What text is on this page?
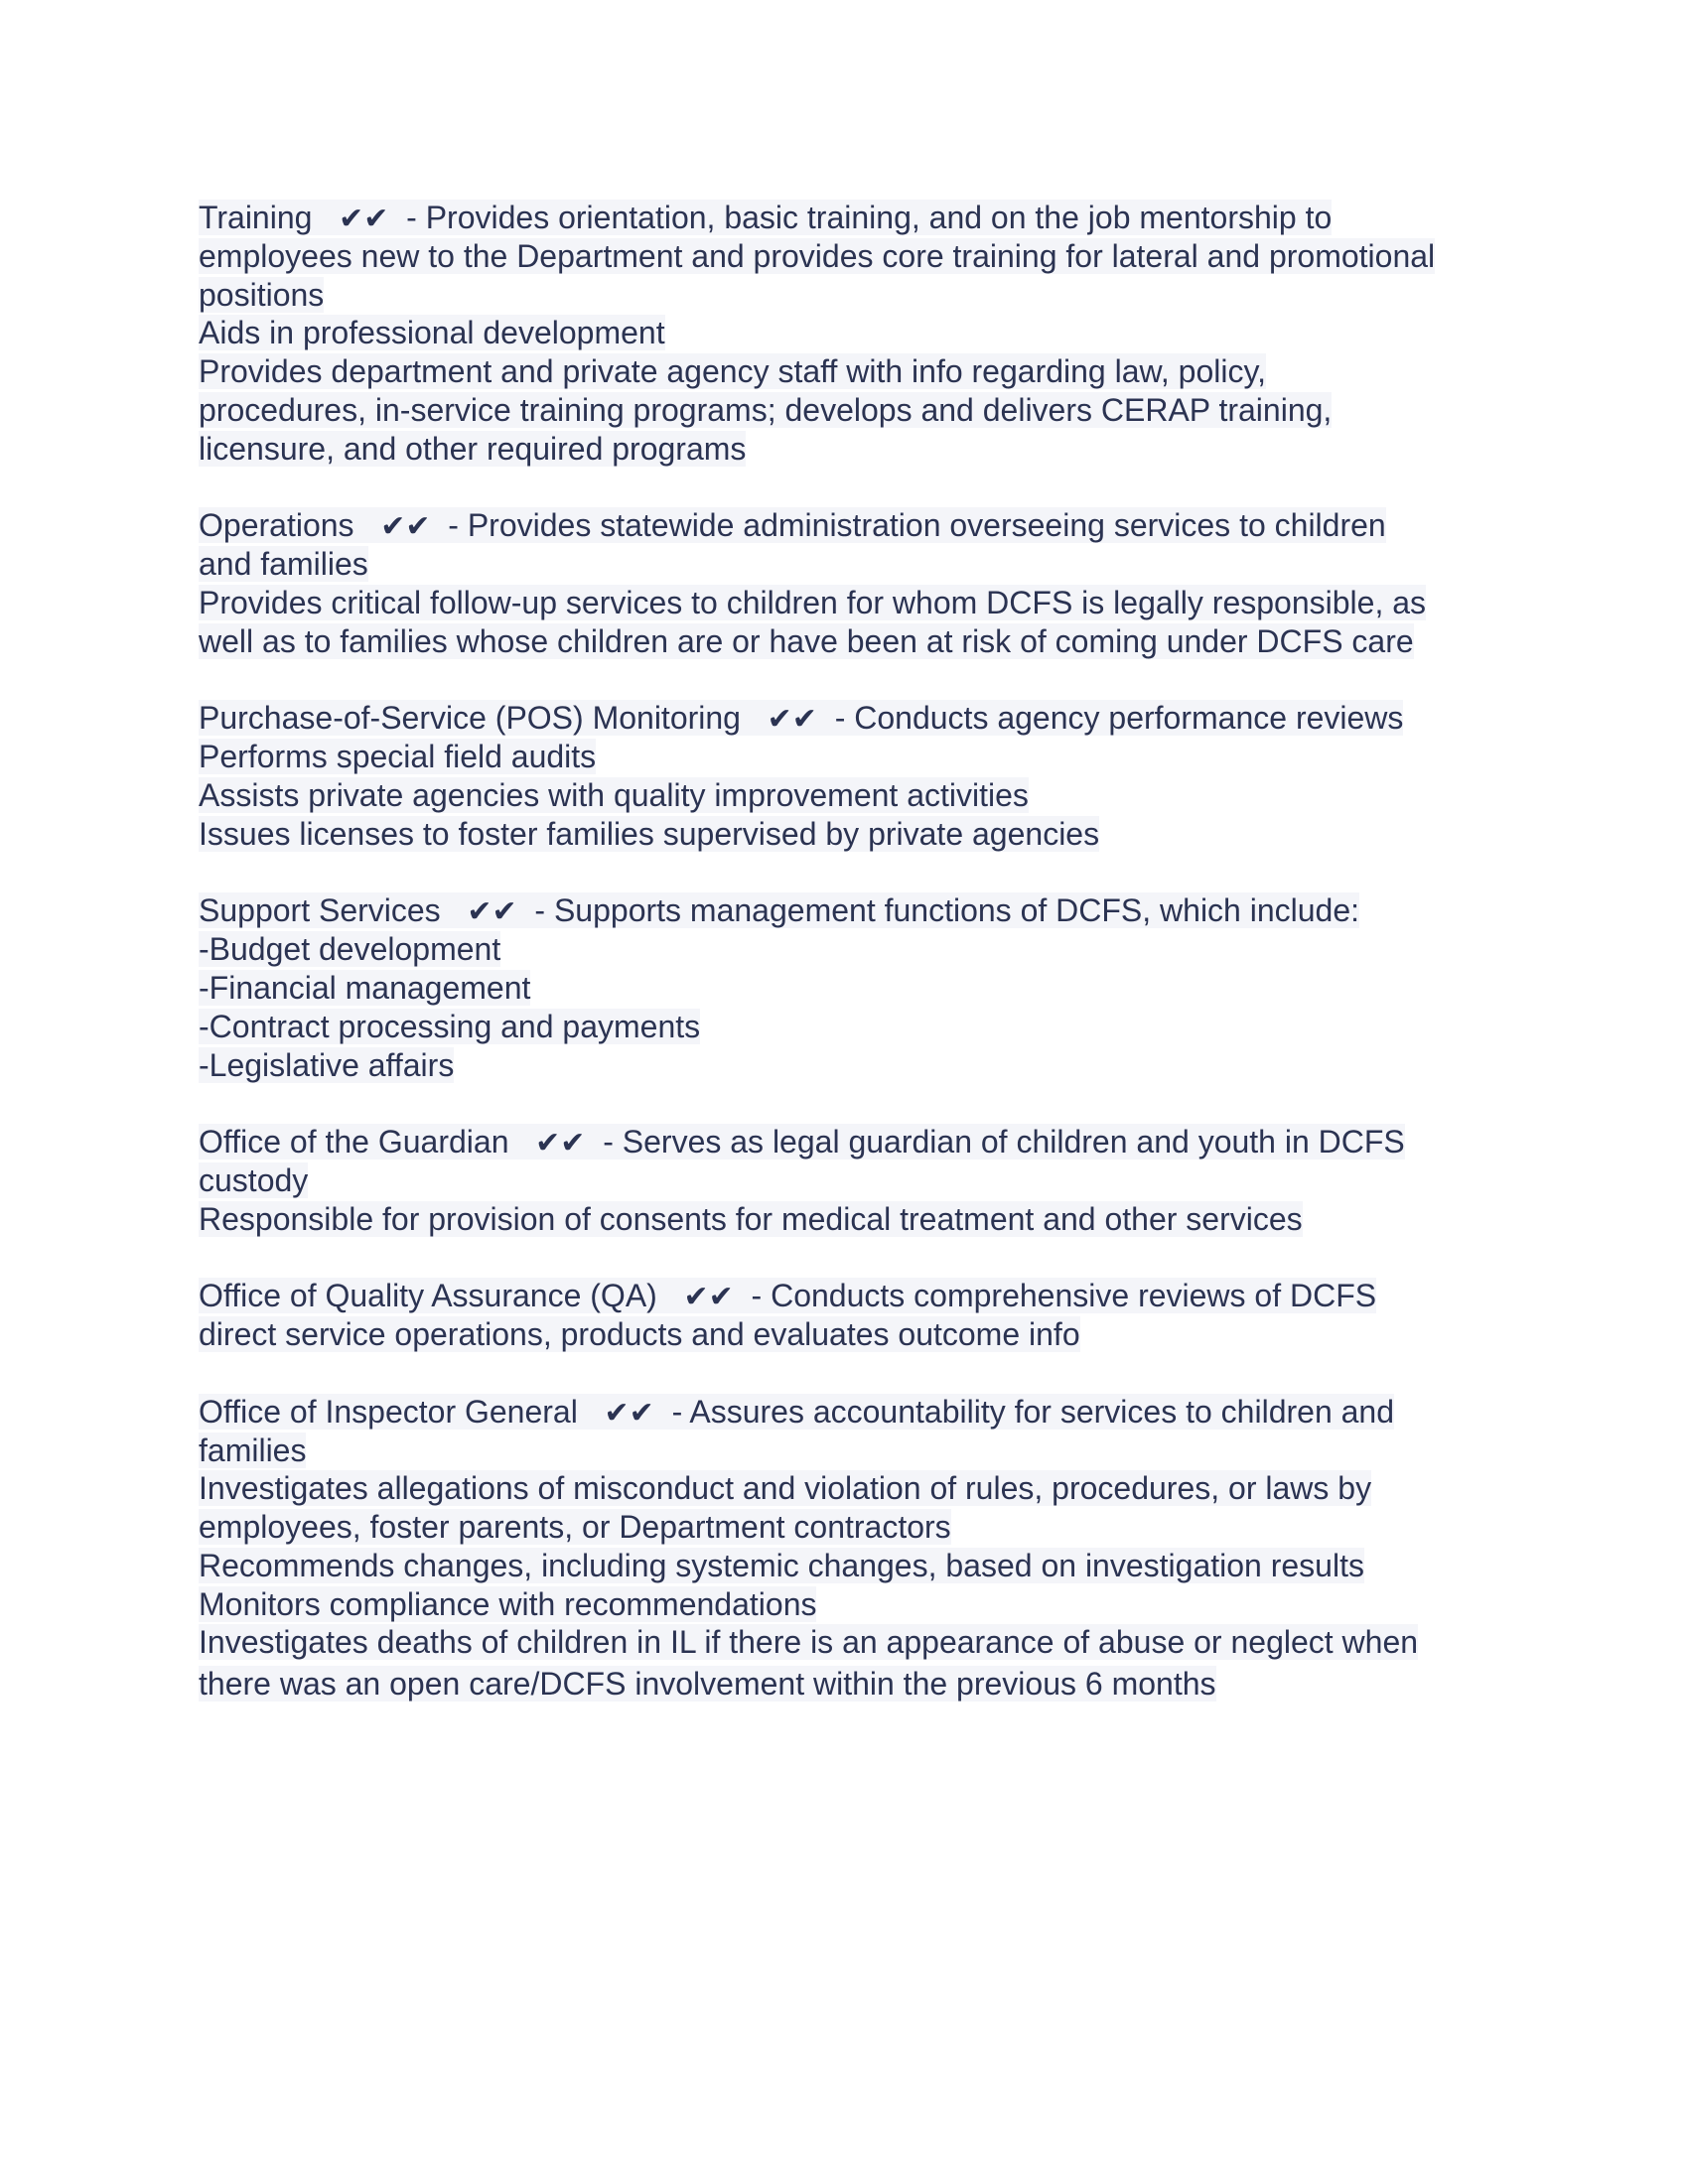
Training ✔✔  - Provides orientation, basic training, and on the job mentorship to
employees new to the Department and provides core training for lateral and promotional
positions
Aids in professional development
Provides department and private agency staff with info regarding law, policy,
procedures, in-service training programs; develops and delivers CERAP training,
licensure, and other required programs
Operations ✔✔  - Provides statewide administration overseeing services to children
and families
Provides critical follow-up services to children for whom DCFS is legally responsible, as
well as to families whose children are or have been at risk of coming under DCFS care
Purchase-of-Service (POS) Monitoring ✔✔  - Conducts agency performance reviews
Performs special field audits
Assists private agencies with quality improvement activities
Issues licenses to foster families supervised by private agencies
Support Services ✔✔  - Supports management functions of DCFS, which include:
-Budget development
-Financial management
-Contract processing and payments
-Legislative affairs
Office of the Guardian ✔✔  - Serves as legal guardian of children and youth in DCFS
custody
Responsible for provision of consents for medical treatment and other services
Office of Quality Assurance (QA) ✔✔  - Conducts comprehensive reviews of DCFS
direct service operations, products and evaluates outcome info
Office of Inspector General ✔✔  - Assures accountability for services to children and
families
Investigates allegations of misconduct and violation of rules, procedures, or laws by
employees, foster parents, or Department contractors
Recommends changes, including systemic changes, based on investigation results
Monitors compliance with recommendations
Investigates deaths of children in IL if there is an appearance of abuse or neglect when
there was an open care/DCFS involvement within the previous 6 months
